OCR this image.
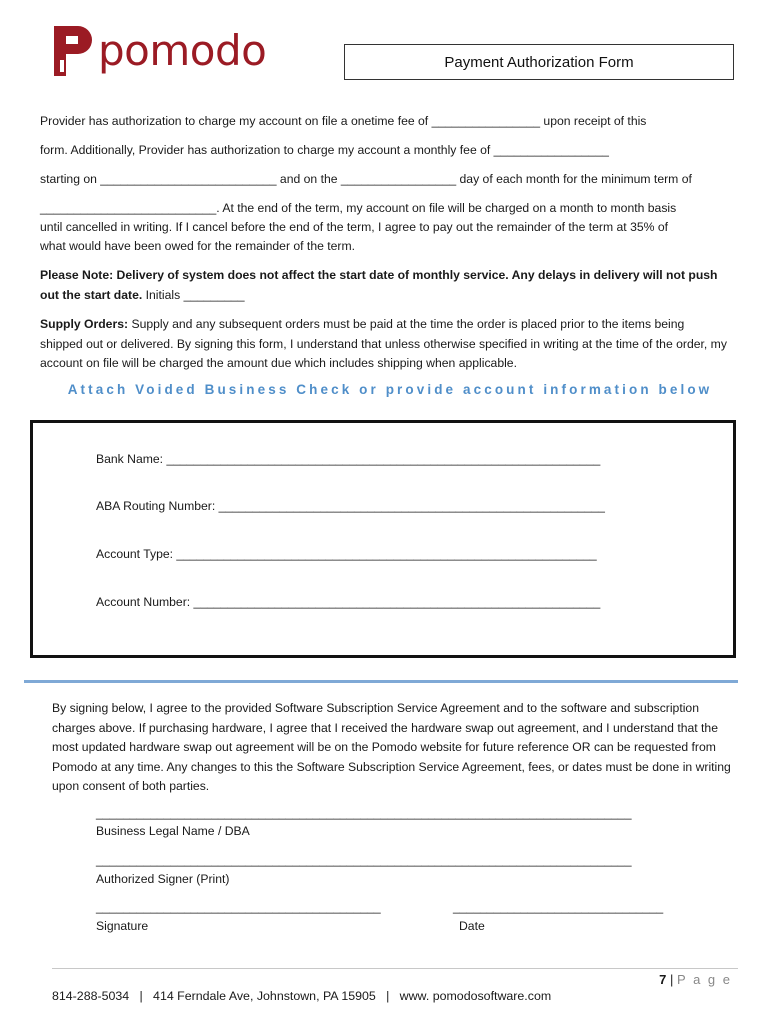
pomodo	Payment Authorization Form
Provider has authorization to charge my account on file a onetime fee of ________________ upon receipt of this
form. Additionally, Provider has authorization to charge my account a monthly fee of _________________
starting on __________________________ and on the _________________ day of each month for the minimum term of
__________________________. At the end of the term, my account on file will be charged on a month to month basis
until cancelled in writing. If I cancel before the end of the term, I agree to pay out the remainder of the term at 35% of
what would have been owed for the remainder of the term.
Please Note: Delivery of system does not affect the start date of monthly service. Any delays in delivery will not push out the start date. Initials _________
Supply Orders: Supply and any subsequent orders must be paid at the time the order is placed prior to the items being shipped out or delivered. By signing this form, I understand that unless otherwise specified in writing at the time of the order, my account on file will be charged the amount due which includes shipping when applicable.
Attach Voided Business Check or provide account information below
Bank Name: ________________________________________________________________
ABA Routing Number: _________________________________________________________
Account Type: ______________________________________________________________
Account Number: ____________________________________________________________
By signing below, I agree to the provided Software Subscription Service Agreement and to the software and subscription charges above. If purchasing hardware, I agree that I received the hardware swap out agreement, and I understand that the most updated hardware swap out agreement will be on the Pomodo website for future reference OR can be requested from Pomodo at any time. Any changes to this the Software Subscription Service Agreement, fees, or dates must be done in writing upon consent of both parties.
_______________________________________________________________________________
Business Legal Name / DBA
_______________________________________________________________________________
Authorized Signer (Print)
__________________________________________
Signature
_______________________________
Date
7 | P a g e
814-288-5034 | 414 Ferndale Ave, Johnstown, PA 15905 | www. pomodosoftware.com
